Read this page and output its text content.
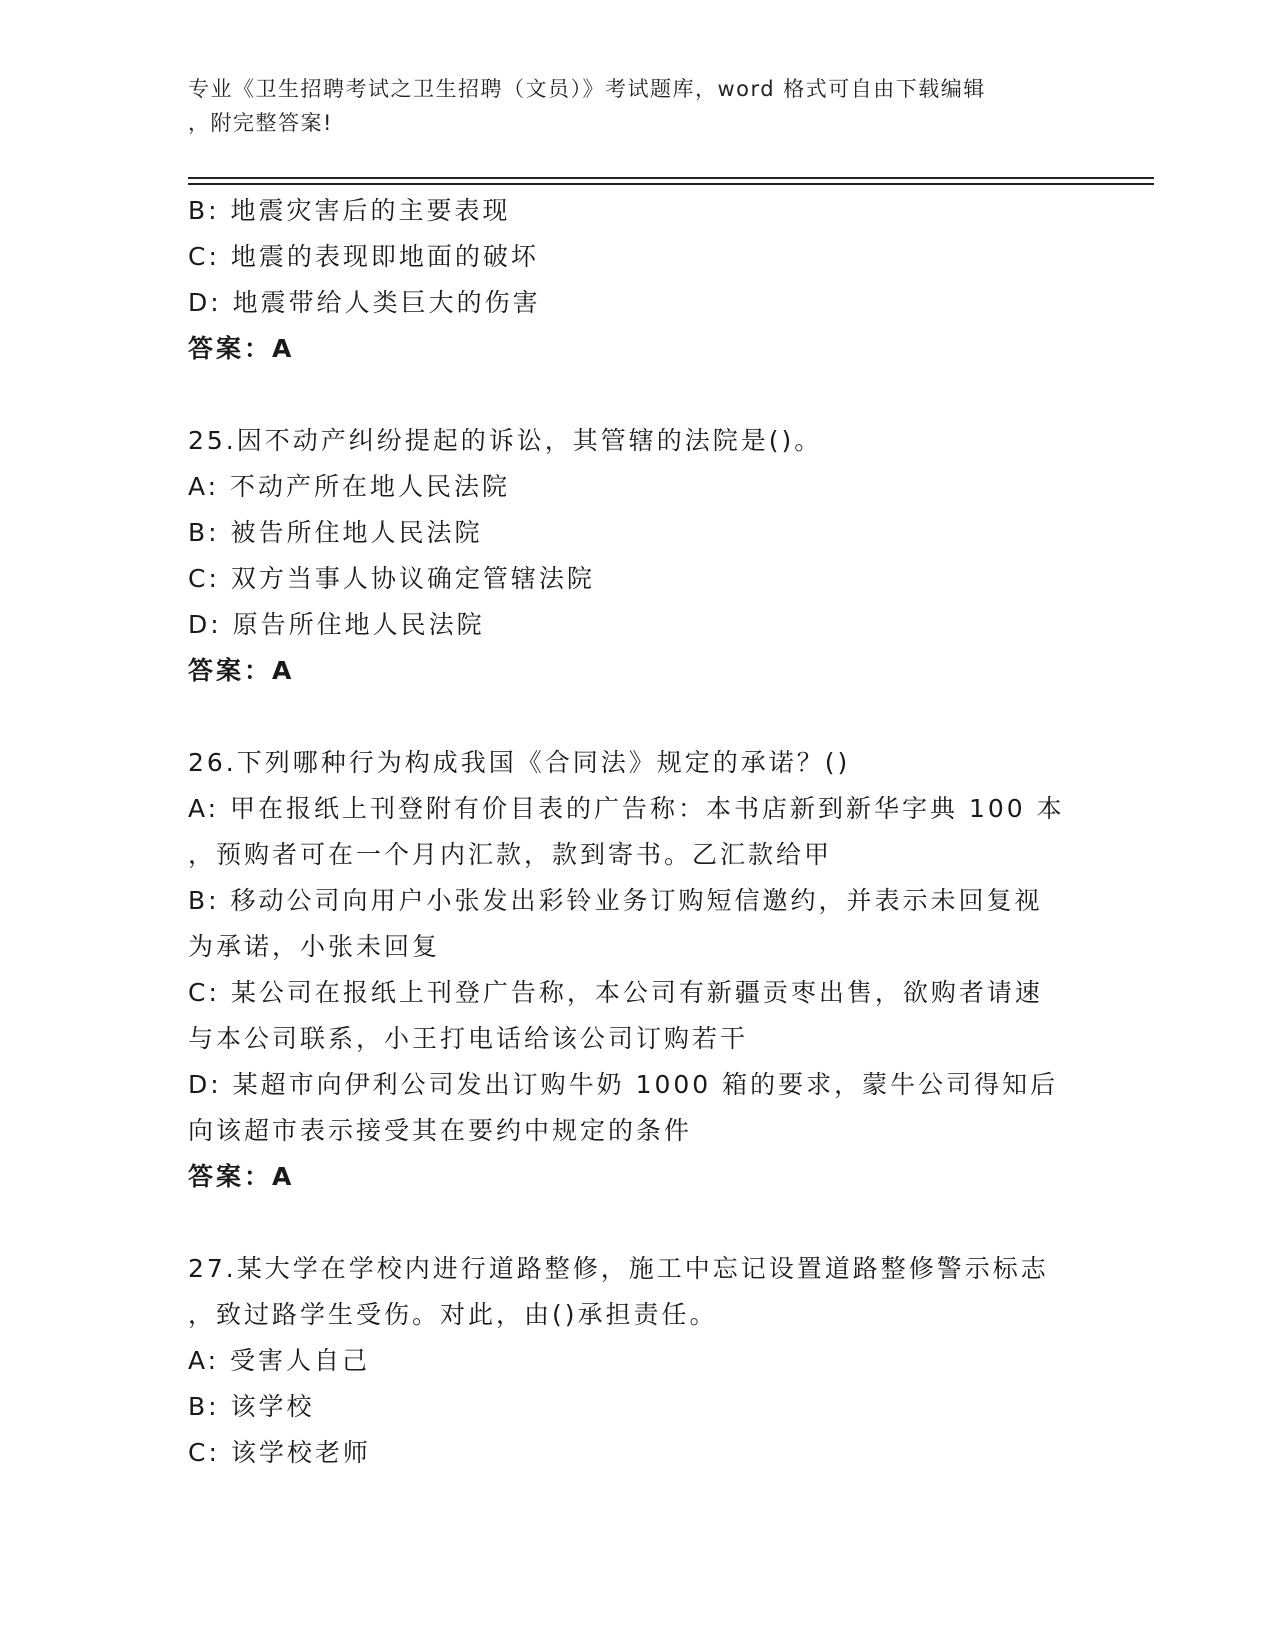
专业《卫生招聘考试之卫生招聘（文员）》考试题库，word 格式可自由下载编辑
，附完整答案!
B: 地震灾害后的主要表现
C: 地震的表现即地面的破坏
D: 地震带给人类巨大的伤害
答案：A
25.因不动产纠纷提起的诉讼，其管辖的法院是()。
A: 不动产所在地人民法院
B: 被告所住地人民法院
C: 双方当事人协议确定管辖法院
D: 原告所住地人民法院
答案：A
26.下列哪种行为构成我国《合同法》规定的承诺？()
A: 甲在报纸上刊登附有价目表的广告称：本书店新到新华字典 100 本
，预购者可在一个月内汇款，款到寄书。乙汇款给甲
B: 移动公司向用户小张发出彩铃业务订购短信邀约，并表示未回复视
为承诺，小张未回复
C: 某公司在报纸上刊登广告称，本公司有新疆贡枣出售，欲购者请速
与本公司联系，小王打电话给该公司订购若干
D: 某超市向伊利公司发出订购牛奶 1000 箱的要求，蒙牛公司得知后
向该超市表示接受其在要约中规定的条件
答案：A
27.某大学在学校内进行道路整修，施工中忘记设置道路整修警示标志
，致过路学生受伤。对此，由()承担责任。
A: 受害人自己
B: 该学校
C: 该学校老师
